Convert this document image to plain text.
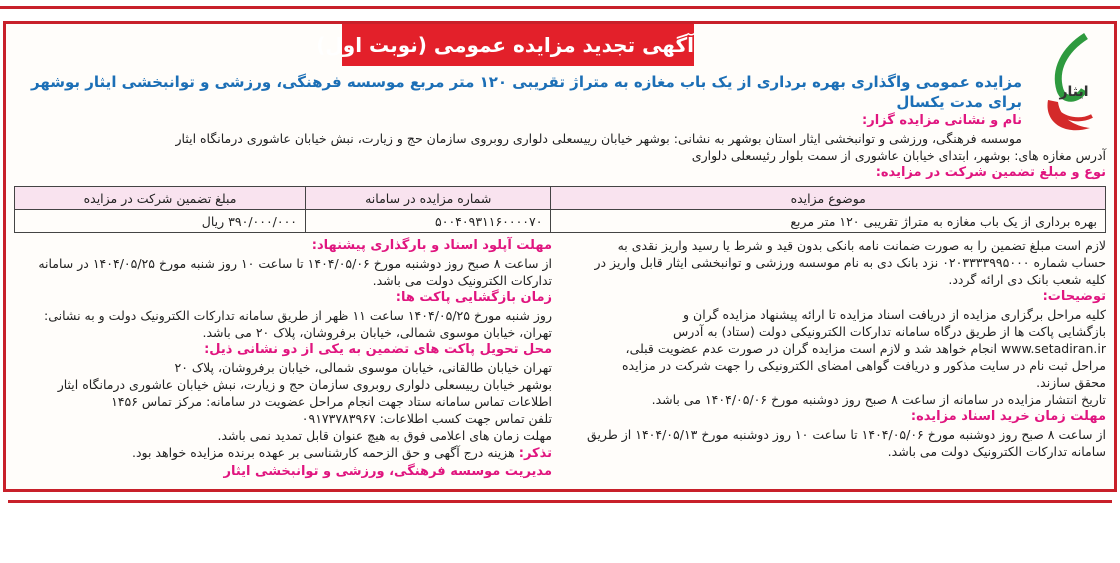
آگهی تجدید مزایده عمومی (نوبت اول)
ایثار
مزایده عمومی واگذاری بهره برداری از یک باب مغازه به متراژ تقریبی ۱۲۰ متر مربع موسسه فرهنگی، ورزشی و توانبخشی ایثار بوشهر برای مدت یکسال
نام و نشانی مزایده گزار:
موسسه فرهنگی، ورزشی و توانبخشی ایثار استان بوشهر به نشانی: بوشهر خیابان رییسعلی دلواری روبروی سازمان حج و زیارت، نبش خیابان عاشوری درمانگاه ایثار
آدرس مغازه های: بوشهر، ابتدای خیابان عاشوری از سمت بلوار رئیسعلی دلواری
نوع و مبلغ تضمین شرکت در مزایده:
موضوع مزایده	شماره مزایده در سامانه	مبلغ تضمین شرکت در مزایده
بهره برداری از یک باب مغازه به متراژ تقریبی ۱۲۰ متر مربع	۵۰۰۴۰۹۳۱۱۶۰۰۰۰۷۰	۳۹۰/۰۰۰/۰۰۰ ریال

لازم است مبلغ تضمین را به صورت ضمانت نامه بانکی بدون قید و شرط یا رسید واریز نقدی به

حساب شماره ۰۲۰۳۳۳۳۹۹۵۰۰۰ نزد بانک دی به نام موسسه ورزشی و توانبخشی ایثار قابل واریز در

کلیه شعب بانک دی ارائه گردد.

توضیحات:

کلیه مراحل برگزاری مزایده از دریافت اسناد مزایده تا ارائه پیشنهاد مزایده گران و

بازگشایی پاکت ها از طریق درگاه سامانه تدارکات الکترونیکی دولت (ستاد) به آدرس

www.setadiran.ir انجام خواهد شد و لازم است مزایده گران در صورت عدم عضویت قبلی،

مراحل ثبت نام در سایت مذکور و دریافت گواهی امضای الکترونیکی را جهت شرکت در مزایده

محقق سازند.

تاریخ انتشار مزایده در سامانه از ساعت ۸ صبح روز دوشنبه مورخ ۱۴۰۴/۰۵/۰۶ می باشد.

مهلت زمان خرید اسناد مزایده:

از ساعت ۸ صبح روز دوشنبه مورخ ۱۴۰۴/۰۵/۰۶ تا ساعت ۱۰ روز دوشنبه مورخ ۱۴۰۴/۰۵/۱۳ از طریق

سامانه تدارکات الکترونیک دولت می باشد.

مهلت آپلود اسناد و بارگذاری پیشنهاد:

از ساعت ۸ صبح روز دوشنبه مورخ ۱۴۰۴/۰۵/۰۶ تا ساعت ۱۰ روز شنبه مورخ ۱۴۰۴/۰۵/۲۵ در سامانه

تدارکات الکترونیک دولت می باشد.

زمان بازگشایی پاکت ها:

روز شنبه مورخ ۱۴۰۴/۰۵/۲۵ ساعت ۱۱ ظهر از طریق سامانه تدارکات الکترونیک دولت و به نشانی:

تهران، خیابان موسوی شمالی، خیابان برفروشان، پلاک ۲۰ می باشد.

محل تحویل پاکت های تضمین به یکی از دو نشانی ذیل:

تهران خیابان طالقانی، خیابان موسوی شمالی، خیابان برفروشان، پلاک ۲۰

بوشهر خیابان رییسعلی دلواری روبروی سازمان حج و زیارت، نبش خیابان عاشوری درمانگاه ایثار

اطلاعات تماس سامانه ستاد جهت انجام مراحل عضویت در سامانه: مرکز تماس ۱۴۵۶

تلفن تماس جهت کسب اطلاعات: ۰۹۱۷۳۷۸۳۹۶۷

مهلت زمان های اعلامی فوق به هیچ عنوان قابل تمدید نمی باشد.

تذکر: هزینه درج آگهی و حق الزحمه کارشناسی بر عهده برنده مزایده خواهد بود.

مدیریت موسسه فرهنگی، ورزشی و توانبخشی ایثار
